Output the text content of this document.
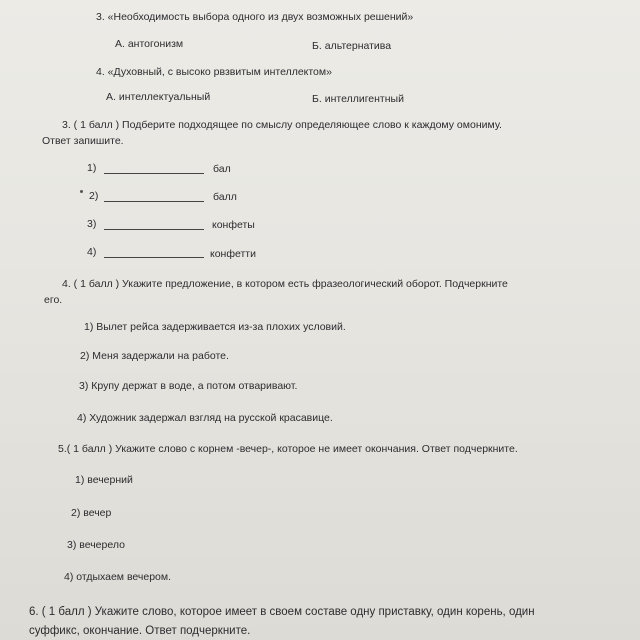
3. «Необходимость выбора одного из двух возможных решений»
А. антогонизм	Б. альтернатива
4. «Духовный, с высоко рвзвитым интеллектом»
А. интеллектуальный	Б. интеллигентный
3. ( 1 балл ) Подберите подходящее по смыслу определяющее слово к каждому омониму.
Ответ запишите.
1)	бал
2)	балл
3)	конфеты
4)	конфетти
4. ( 1 балл ) Укажите предложение, в котором есть фразеологический оборот. Подчеркните
его.
1) Вылет рейса задерживается из-за плохих условий.
2) Меня задержали на работе.
3) Крупу держат в воде, а потом отваривают.
4) Художник задержал взгляд на русской красавице.
5.( 1 балл ) Укажите слово с корнем -вечер-, которое не имеет окончания. Ответ подчеркните.
1) вечерний
2) вечер
3) вечерело
4) отдыхаем вечером.
6. ( 1 балл ) Укажите слово, которое имеет в своем составе одну приставку, один корень, один
суффикс, окончание. Ответ подчеркните.
